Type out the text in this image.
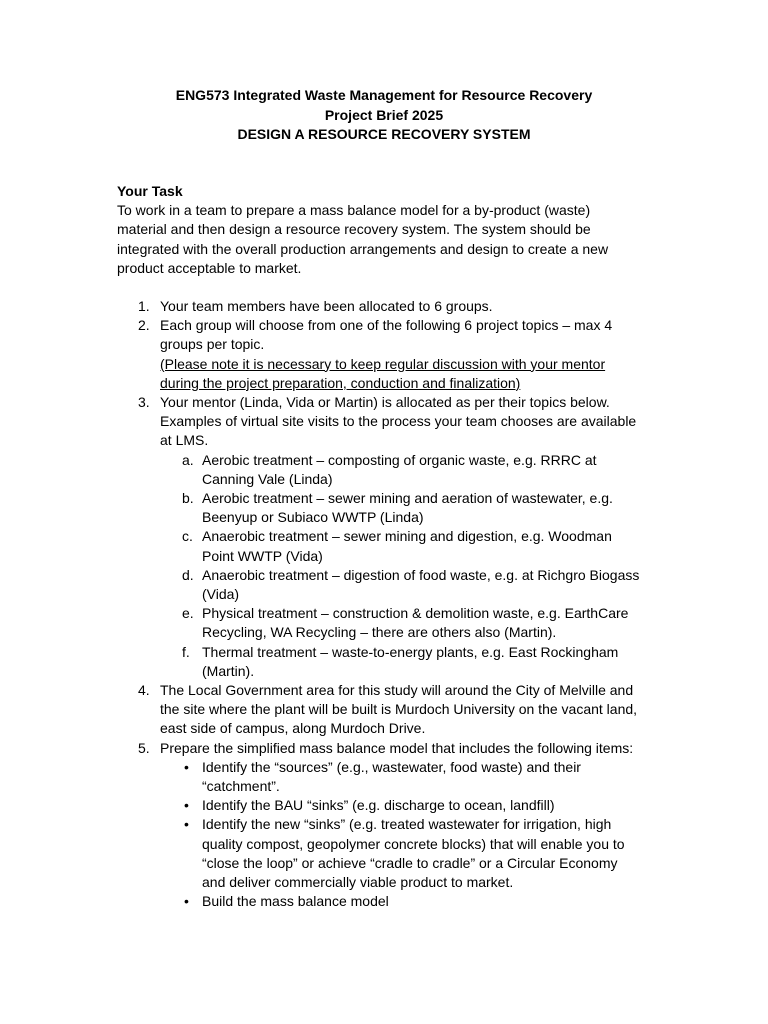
ENG573 Integrated Waste Management for Resource Recovery
Project Brief 2025
DESIGN A RESOURCE RECOVERY SYSTEM
Your Task

To work in a team to prepare a mass balance model for a by-product (waste)
material and then design a resource recovery system. The system should be
integrated with the overall production arrangements and design to create a new
product acceptable to market.

1. Your team members have been allocated to 6 groups.
2. Each group will choose from one of the following 6 project topics – max 4
groups per topic.
(Please note it is necessary to keep regular discussion with your mentor
during the project preparation, conduction and finalization)
3. Your mentor (Linda, Vida or Martin) is allocated as per their topics below.
Examples of virtual site visits to the process your team chooses are available
at LMS.
a. Aerobic treatment – composting of organic waste, e.g. RRRC at
Canning Vale (Linda)
b. Aerobic treatment – sewer mining and aeration of wastewater, e.g.
Beenyup or Subiaco WWTP (Linda)
c. Anaerobic treatment – sewer mining and digestion, e.g. Woodman
Point WWTP (Vida)
d. Anaerobic treatment – digestion of food waste, e.g. at Richgro Biogass
(Vida)
e. Physical treatment – construction & demolition waste, e.g. EarthCare
Recycling, WA Recycling – there are others also (Martin).
f. Thermal treatment – waste-to-energy plants, e.g. East Rockingham
(Martin).
4. The Local Government area for this study will around the City of Melville and
the site where the plant will be built is Murdoch University on the vacant land,
east side of campus, along Murdoch Drive.
5. Prepare the simplified mass balance model that includes the following items:
• Identify the “sources” (e.g., wastewater, food waste) and their
“catchment”.
• Identify the BAU “sinks” (e.g. discharge to ocean, landfill)
• Identify the new “sinks” (e.g. treated wastewater for irrigation, high
quality compost, geopolymer concrete blocks) that will enable you to
“close the loop” or achieve “cradle to cradle” or a Circular Economy
and deliver commercially viable product to market.
• Build the mass balance model
